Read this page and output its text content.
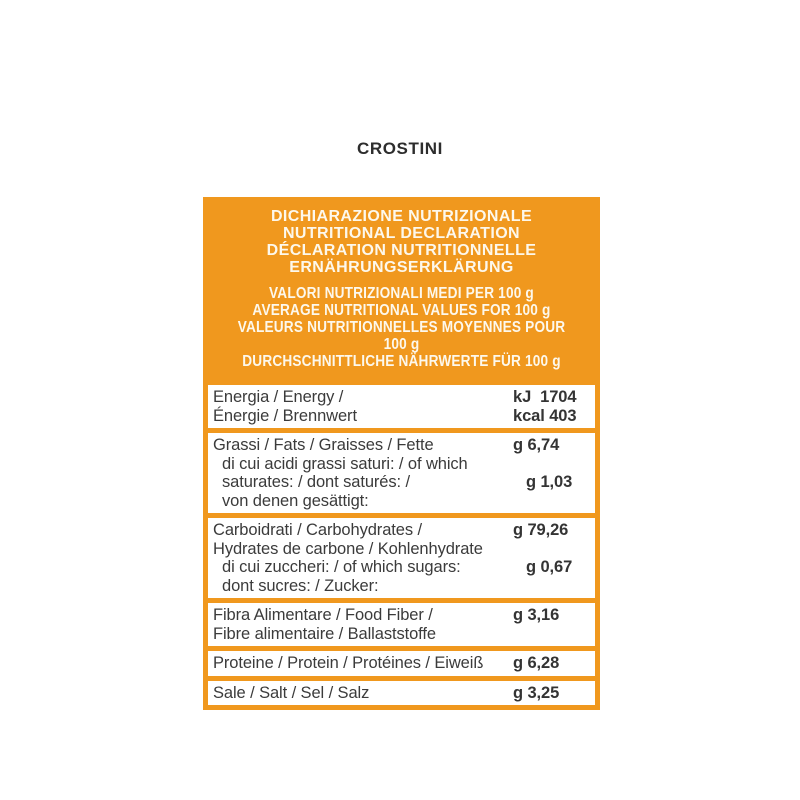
CROSTINI
DICHIARAZIONE NUTRIZIONALE
NUTRITIONAL DECLARATION
DÉCLARATION NUTRITIONNELLE
ERNÄHRUNGSERKLÄRUNG
VALORI NUTRIZIONALI MEDI PER 100 g
AVERAGE NUTRITIONAL VALUES FOR 100 g
VALEURS NUTRITIONNELLES MOYENNES POUR 100 g
DURCHSCHNITTLICHE NÄHRWERTE FÜR 100 g
Energia / Energy /	kJ  1704
Énergie / Brennwert	kcal 403
Grassi / Fats / Graisses / Fette	g 6,74
di cui acidi grassi saturi: / of which
saturates: / dont saturés: /	g 1,03
von denen gesättigt:
Carboidrati / Carbohydrates /	g 79,26
Hydrates de carbone / Kohlenhydrate
di cui zuccheri: / of which sugars:	g 0,67
dont sucres: / Zucker:
Fibra Alimentare / Food Fiber /	g 3,16
Fibre alimentaire / Ballaststoffe
Proteine / Protein / Protéines / Eiweiß g 6,28
Sale / Salt / Sel / Salz	g 3,25
